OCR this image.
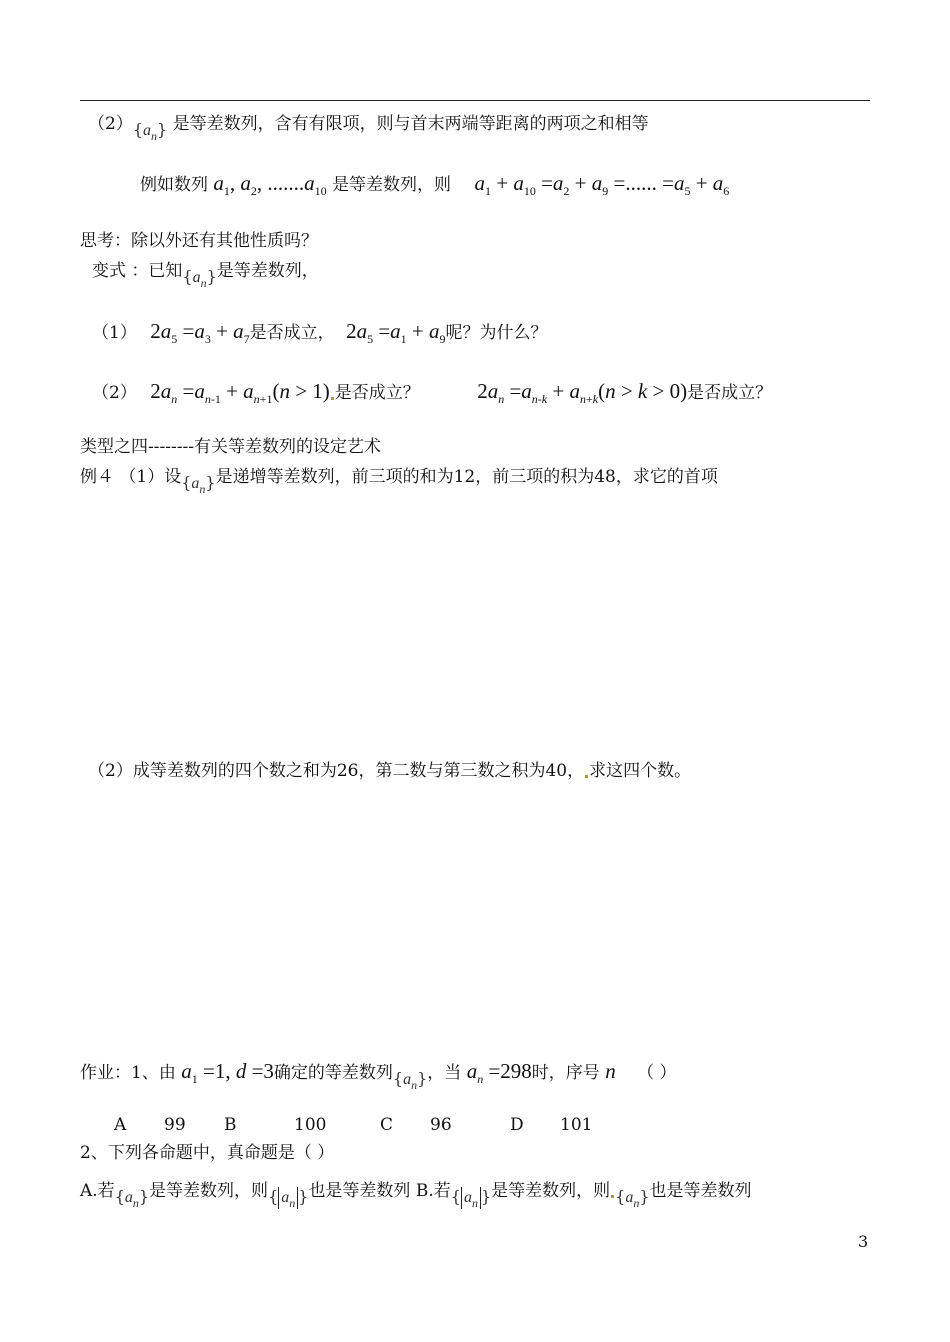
$(2)\{a_n\}$ 是等差数列，含有有限项，则与首末两端等距离的两项之和相等
例如数列 $a_1$, $a_2$, $.......a_{10}$ 是等差数列，则 $a_1 + a_{10} =a_2 + a_9$ =...... $=a_5 + a_6$
思考：除以外还有其他性质吗？
变式 ：已知$\{a_n\}$是等差数列，
（1） $2a_5 =a_3 + a_7$是否成立， $2a_5 =a_1 + a_9$呢？为什么？
（2） $2a_n =a_{n-1} + a_{n+1}(n > 1)$ 是否成立？	$2a_n =a_{n-k} + a_{n+k}(n > k > 0)$是否成立？
类型之四--------有关等差数列的设定艺术
例４ （1）设$\{a_n\}$是递增等差数列，前三项的和为12，前三项的积为48，求它的首项
（2）成等差数列的四个数之和为26，第二数与第三数之积为40， 求这四个数。
作业：1、由 $a_1 =1$, d =3确定的等差数列$\{a_n\}$，当 $a_n =298$时，序号 n （ ）
A 99 B	100	C 96	D 101
2、下列各命题中，真命题是（ ）
A.若$\{a_n\}$是等差数列，则{ $a_n$ }也是等差数列 B.若{ $a_n$ }是等差数列，则 $\{a_n\}$也是等差数列
3
